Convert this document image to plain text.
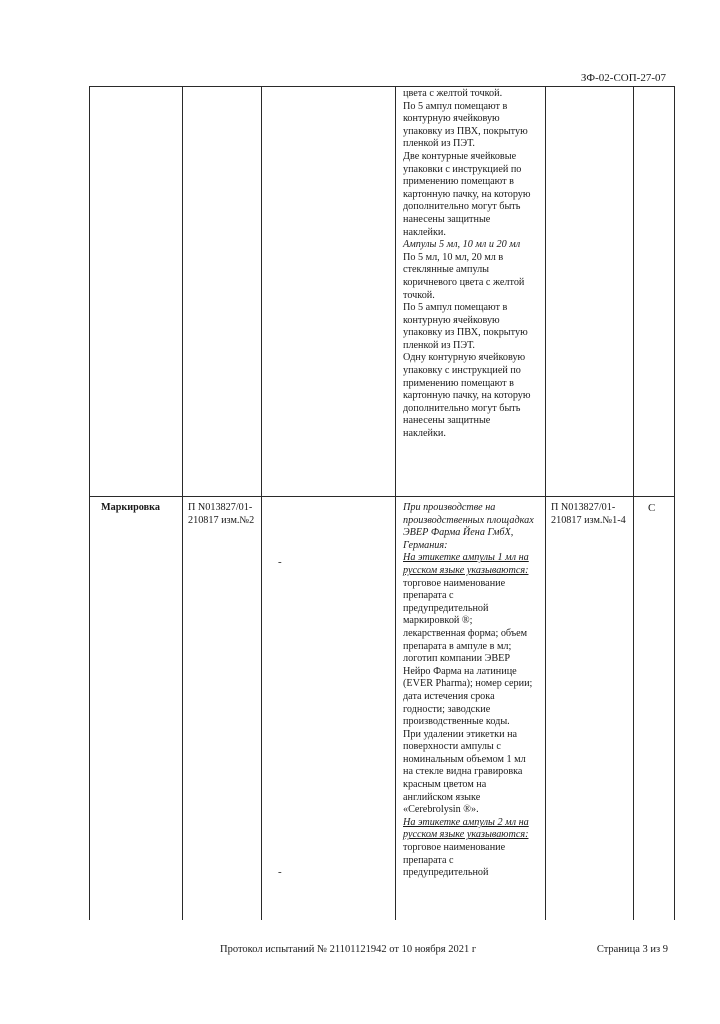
ЗФ-02-СОП-27-07

цвета с желтой точкой.

По 5 ампул помещают в контурную ячейковую упаковку из ПВХ, покрытую пленкой из ПЭТ.

Две контурные ячейковые упаковки с инструкцией по применению помещают в картонную пачку, на которую дополнительно могут быть нанесены защитные наклейки.

Ампулы 5 мл, 10 мл и 20 мл

По 5 мл, 10 мл, 20 мл в стеклянные ампулы коричневого цвета с желтой точкой.

По 5 ампул помещают в контурную ячейковую упаковку из ПВХ, покрытую пленкой из ПЭТ.

Одну контурную ячейковую упаковку с инструкцией по применению помещают в картонную пачку, на которую дополнительно могут быть нанесены защитные наклейки.

Маркировка	П N013827/01-210817 изм.№2
-
-

При производстве на производственных площадках ЭВЕР Фарма Йена ГмбХ, Германия:

На этикетке ампулы 1 мл на русском языке указываются: торговое наименование препарата с предупредительной маркировкой ®; лекарственная форма; объем препарата в ампуле в мл; логотип компании ЭВЕР Нейро Фарма на латинице (EVER Pharma); номер серии; дата истечения срока годности; заводские производственные коды.

При удалении этикетки на поверхности ампулы с номинальным объемом 1 мл на стекле видна гравировка красным цветом на английском языке «Cerebrolysin ®».

На этикетке ампулы 2 мл на русском языке указываются: торговое наименование препарата с предупредительной

П N013827/01-210817 изм.№1-4
С
Протокол испытаний № 21101121942 от 10 ноября 2021 г	Страница 3 из 9
